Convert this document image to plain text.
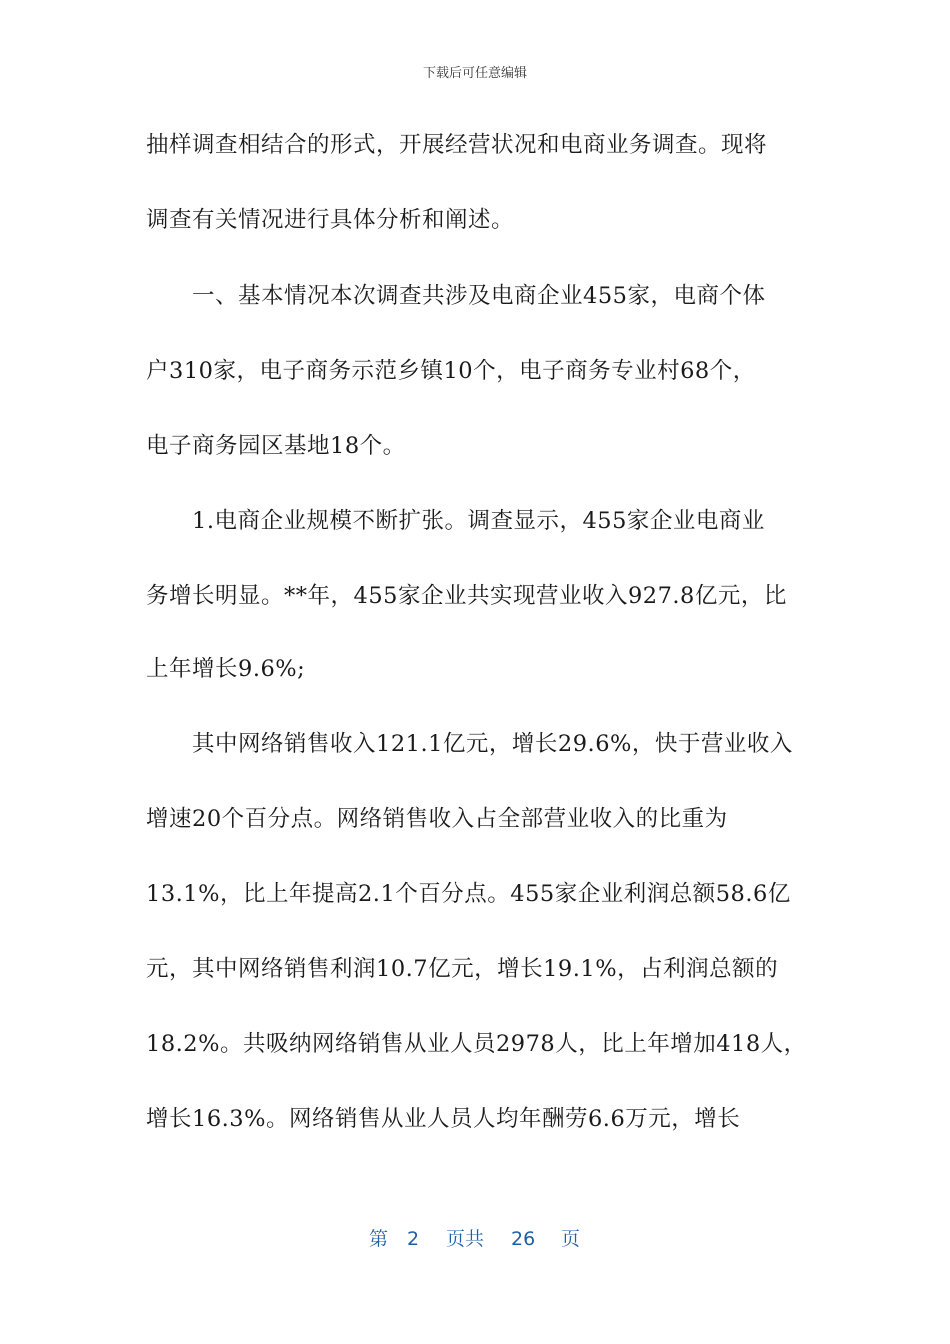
下载后可任意编辑
抽样调查相结合的形式，开展经营状况和电商业务调查。现将
调查有关情况进行具体分析和阐述。
一、基本情况本次调查共涉及电商企业455家，电商个体
户310家，电子商务示范乡镇10个，电子商务专业村68个，
电子商务园区基地18个。
1.电商企业规模不断扩张。调查显示，455家企业电商业
务增长明显。**年，455家企业共实现营业收入927.8亿元，比
上年增长9.6%;
其中网络销售收入121.1亿元，增长29.6%，快于营业收入
增速20个百分点。网络销售收入占全部营业收入的比重为
13.1%，比上年提高2.1个百分点。455家企业利润总额58.6亿
元，其中网络销售利润10.7亿元，增长19.1%，占利润总额的
18.2%。共吸纳网络销售从业人员2978人，比上年增加418人，
增长16.3%。网络销售从业人员人均年酬劳6.6万元，增长
第 2 页共 26 页
